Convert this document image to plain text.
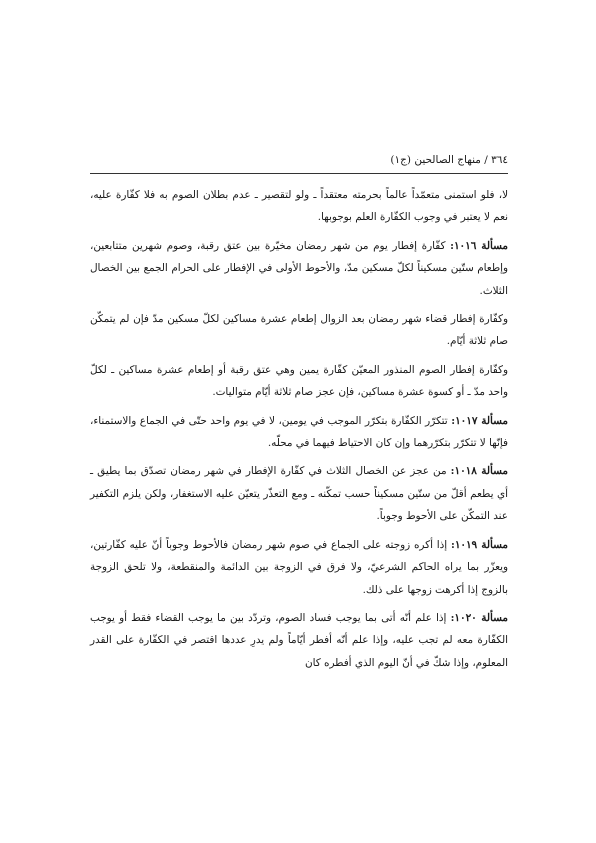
٣٦٤ / منهاج الصالحين (ج١)

لا، فلو استمنى متعمّداً عالماً بحرمته معتقداً ـ ولو لتقصير ـ عدم بطلان الصوم به فلا كفّارة عليه، نعم لا يعتبر في وجوب الكفّارة العلم بوجوبها.

مسألة ١٠١٦: كفّارة إفطار يوم من شهر رمضان مخيّرة بين عتق رقبة، وصوم شهرين متتابعين، وإطعام ستّين مسكيناً لكلّ مسكين مدّ، والأحوط الأولى في الإفطار على الحرام الجمع بين الخصال الثلاث.

وكفّارة إفطار قضاء شهر رمضان بعد الزوال إطعام عشرة مساكين لكلّ مسكين مدّ فإن لم يتمكّن صام ثلاثة أيّام.

وكفّارة إفطار الصوم المنذور المعيّن كفّارة يمين وهي عتق رقبة أو إطعام عشرة مساكين ـ لكلّ واحد مدّ ـ أو كسوة عشرة مساكين، فإن عجز صام ثلاثة أيّام متواليات.

مسألة ١٠١٧: تتكرّر الكفّارة بتكرّر الموجب في يومين، لا في يوم واحد حتّى في الجماع والاستمناء، فإنّها لا تتكرّر بتكرّرهما وإن كان الاحتياط فيهما في محلّه.

مسألة ١٠١٨: من عجز عن الخصال الثلاث في كفّارة الإفطار في شهر رمضان تصدّق بما يطيق ـ أي يطعم أقلّ من ستّين مسكيناً حسب تمكّنه ـ ومع التعذّر يتعيّن عليه الاستغفار، ولكن يلزم التكفير عند التمكّن على الأحوط وجوباً.

مسألة ١٠١٩: إذا أكره زوجته على الجماع في صوم شهر رمضان فالأحوط وجوباً أنّ عليه كفّارتين، ويعزّر بما يراه الحاكم الشرعيّ، ولا فرق في الزوجة بين الدائمة والمنقطعة، ولا تلحق الزوجة بالزوج إذا أكرهت زوجها على ذلك.

مسألة ١٠٢٠: إذا علم أنّه أتى بما يوجب فساد الصوم، وتردّد بين ما يوجب القضاء فقط أو يوجب الكفّارة معه لم تجب عليه، وإذا علم أنّه أفطر أيّاماً ولم يدرِ عددها اقتصر في الكفّارة على القدر المعلوم، وإذا شكّ في أنّ اليوم الذي أفطره كان
